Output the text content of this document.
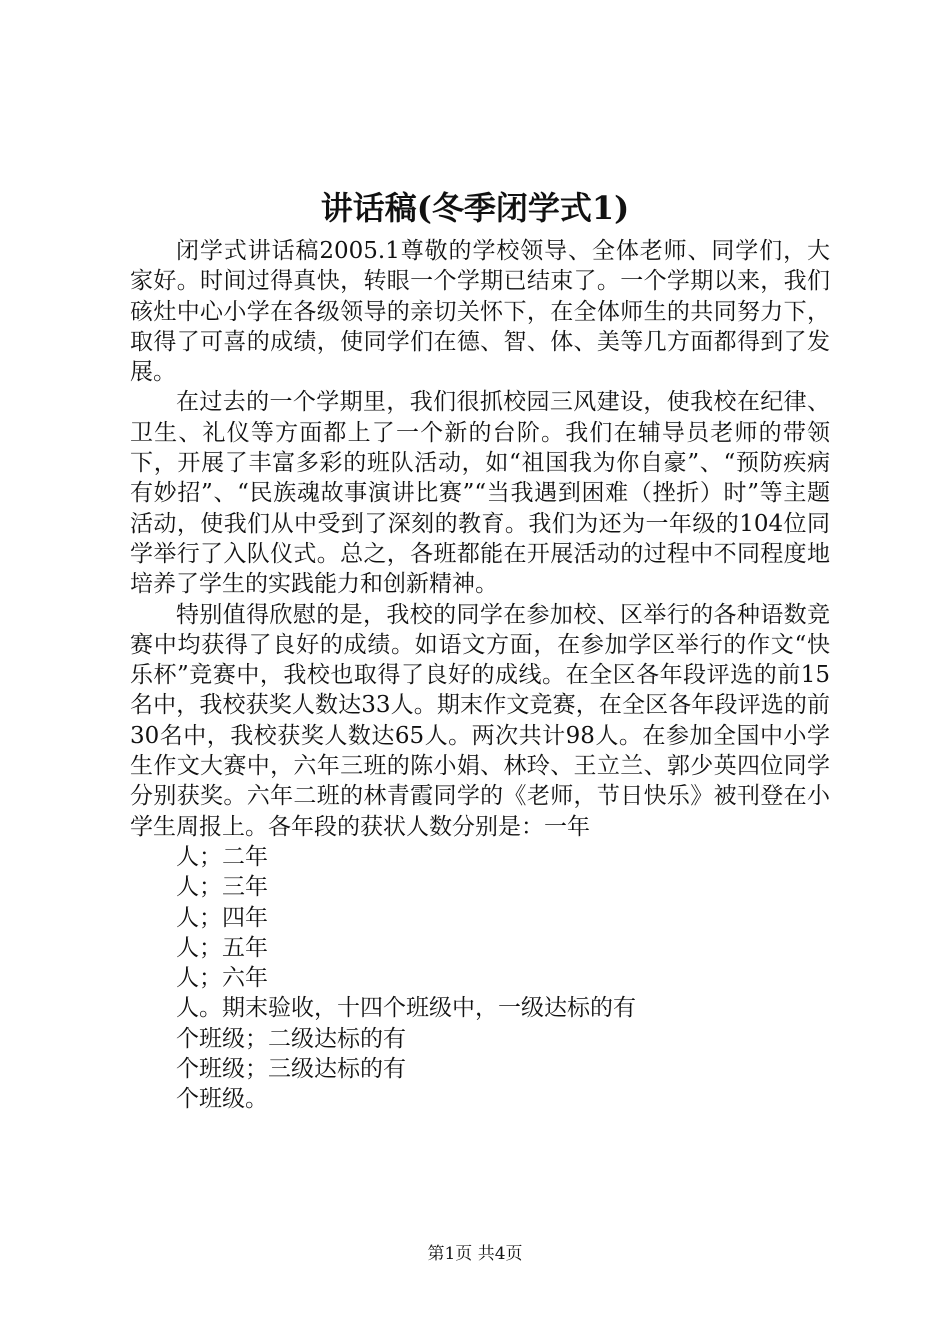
讲话稿(冬季闭学式1)

闭学式讲话稿2005.1尊敬的学校领导、全体老师、同学们，大家好。时间过得真快，转眼一个学期已结束了。一个学期以来，我们硋灶中心小学在各级领导的亲切关怀下，在全体师生的共同努力下，取得了可喜的成绩，使同学们在德、智、体、美等几方面都得到了发展。

在过去的一个学期里，我们很抓校园三风建设，使我校在纪律、卫生、礼仪等方面都上了一个新的台阶。我们在辅导员老师的带领下，开展了丰富多彩的班队活动，如“祖国我为你自豪”、“预防疾病有妙招”、“民族魂故事演讲比赛”“当我遇到困难（挫折）时”等主题活动，使我们从中受到了深刻的教育。我们为还为一年级的104位同学举行了入队仪式。总之，各班都能在开展活动的过程中不同程度地培养了学生的实践能力和创新精神。

特别值得欣慰的是，我校的同学在参加校、区举行的各种语数竞赛中均获得了良好的成绩。如语文方面，在参加学区举行的作文“快乐杯”竞赛中，我校也取得了良好的成线。在全区各年段评选的前15名中，我校获奖人数达33人。期末作文竞赛，在全区各年段评选的前30名中，我校获奖人数达65人。两次共计98人。在参加全国中小学生作文大赛中，六年三班的陈小娟、林玲、王立兰、郭少英四位同学分别获奖。六年二班的林青霞同学的《老师，节日快乐》被刊登在小学生周报上。各年段的获状人数分别是：一年

人；二年

人；三年

人；四年

人；五年

人；六年

人。期末验收，十四个班级中，一级达标的有

个班级；二级达标的有

个班级；三级达标的有

个班级。

第1页 共4页
